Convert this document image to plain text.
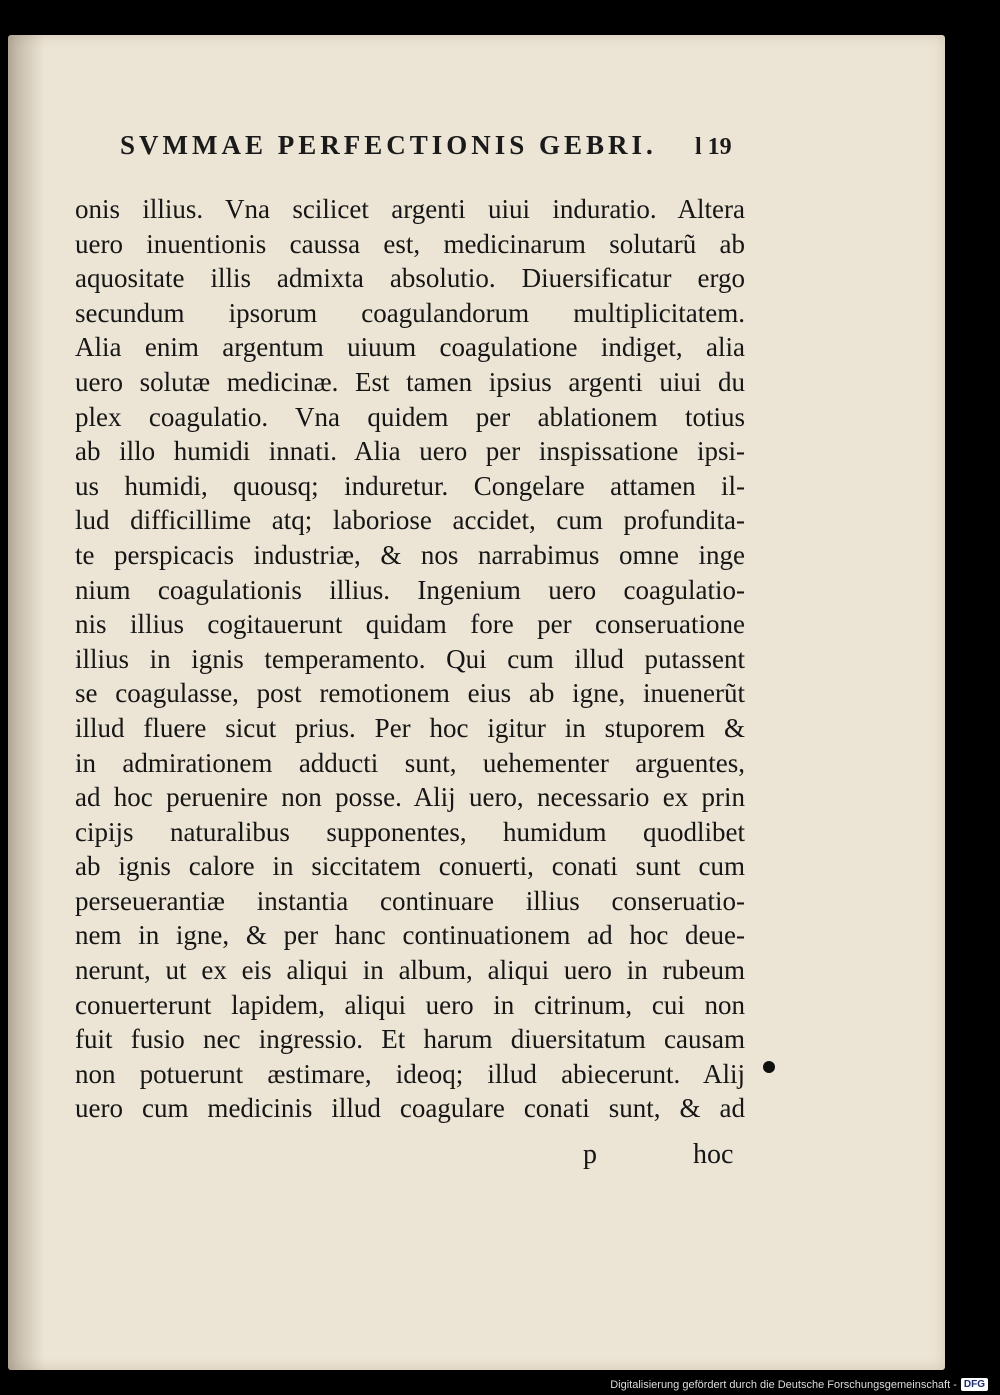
SVMMAE PERFECTIONIS GEBRI.	l 19
onis illius. Vna scilicet argenti uiui induratio. Altera
uero inuentionis caussa est, medicinarum solutarũ ab
aquositate illis admixta absolutio. Diuersificatur ergo
secundum ipsorum coagulandorum multiplicitatem.
Alia enim argentum uiuum coagulatione indiget, alia
uero solutæ medicinæ. Est tamen ipsius argenti uiui du
plex coagulatio. Vna quidem per ablationem totius
ab illo humidi innati. Alia uero per inspissatione ipsi-
us humidi, quousq; induretur. Congelare attamen il-
lud difficillime atq; laboriose accidet, cum profundita-
te perspicacis industriæ, & nos narrabimus omne inge
nium coagulationis illius. Ingenium uero coagulatio-
nis illius cogitauerunt quidam fore per conseruatione
illius in ignis temperamento. Qui cum illud putassent
se coagulasse, post remotionem eius ab igne, inuenerũt
illud fluere sicut prius. Per hoc igitur in stuporem &
in admirationem adducti sunt, uehementer arguentes,
ad hoc peruenire non posse. Alij uero, necessario ex prin
cipijs naturalibus supponentes, humidum quodlibet
ab ignis calore in siccitatem conuerti, conati sunt cum
perseuerantiæ instantia continuare illius conseruatio-
nem in igne, & per hanc continuationem ad hoc deue-
nerunt, ut ex eis aliqui in album, aliqui uero in rubeum
conuerterunt lapidem, aliqui uero in citrinum, cui non
fuit fusio nec ingressio. Et harum diuersitatum causam
non potuerunt æstimare, ideoq; illud abiecerunt. Alij
uero cum medicinis illud coagulare conati sunt, & ad
p	hoc
Digitalisierung gefördert durch die Deutsche Forschungsgemeinschaft - DFG
